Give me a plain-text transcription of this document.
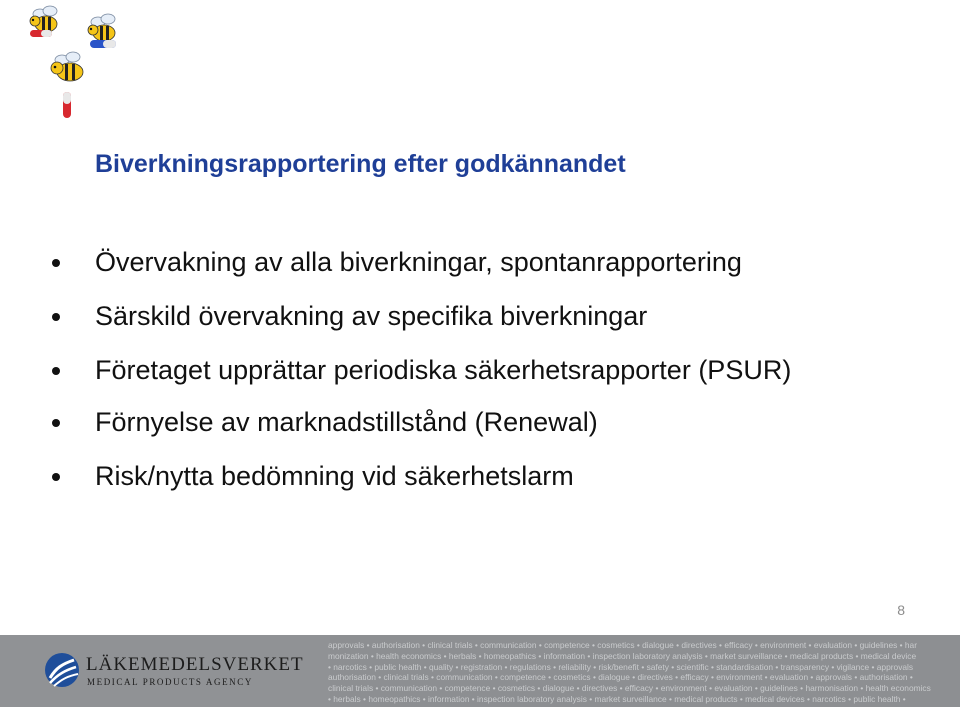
Biverkningsrapportering efter godkännandet
Övervakning av alla biverkningar, spontanrapportering
Särskild övervakning av specifika biverkningar
Företaget upprättar periodiska säkerhetsrapporter (PSUR)
Förnyelse av marknadstillstånd (Renewal)
Risk/nytta bedömning vid säkerhetslarm
8
LÄKEMEDELSVERKET
MEDICAL PRODUCTS AGENCY
approvals • authorisation • clinical trials • communication • competence • cosmetics • dialogue • directives • efficacy • environment • evaluation • guidelines • har
monization • health economics • herbals • homeopathics • information • inspection laboratory analysis • market surveillance • medical products • medical device
• narcotics • public health • quality • registration • regulations • reliability • risk/benefit • safety • scientific • standardisation • transparency • vigilance • approvals
authorisation • clinical trials • communication • competence • cosmetics • dialogue • directives • efficacy • environment • evaluation • approvals • authorisation •
clinical trials • communication • competence • cosmetics • dialogue • directives • efficacy • environment • evaluation • guidelines • harmonisation • health economics
• herbals • homeopathics • information • inspection laboratory analysis • market surveillance • medical products • medical devices • narcotics • public health •
